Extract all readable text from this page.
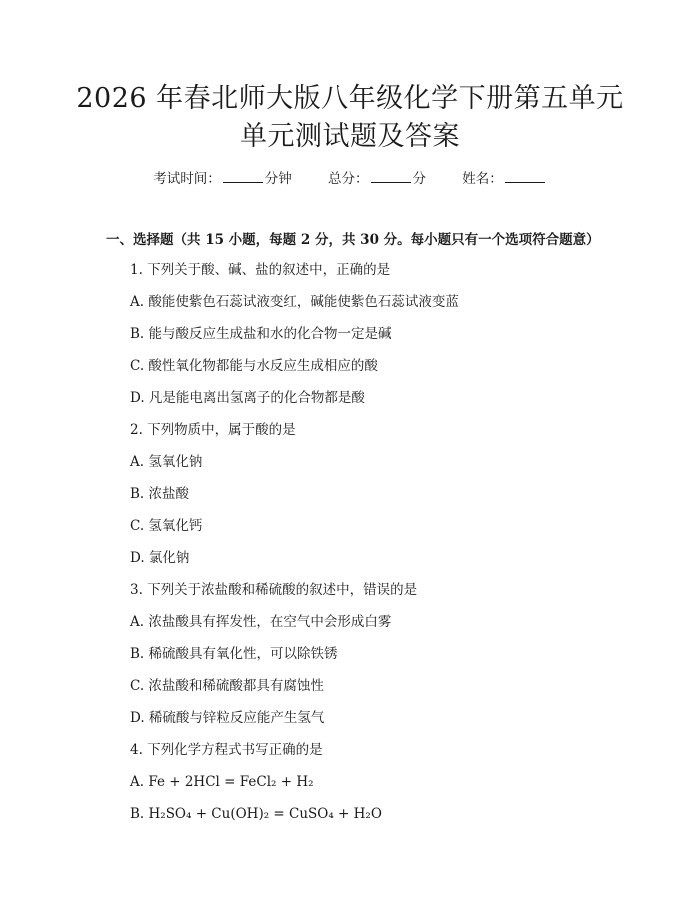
2026 年春北师大版八年级化学下册第五单元
单元测试题及答案
考试时间：	分钟	总分：	分	姓名：
一、选择题（共 15 小题，每题 2 分，共 30 分。每小题只有一个选项符合题意）
1. 下列关于酸、碱、盐的叙述中，正确的是
A. 酸能使紫色石蕊试液变红，碱能使紫色石蕊试液变蓝
B. 能与酸反应生成盐和水的化合物一定是碱
C. 酸性氧化物都能与水反应生成相应的酸
D. 凡是能电离出氢离子的化合物都是酸
2. 下列物质中，属于酸的是
A. 氢氧化钠
B. 浓盐酸
C. 氢氧化钙
D. 氯化钠
3. 下列关于浓盐酸和稀硫酸的叙述中，错误的是
A. 浓盐酸具有挥发性，在空气中会形成白雾
B. 稀硫酸具有氧化性，可以除铁锈
C. 浓盐酸和稀硫酸都具有腐蚀性
D. 稀硫酸与锌粒反应能产生氢气
4. 下列化学方程式书写正确的是
A. Fe + 2HCl = FeCl₂ + H₂
B. H₂SO₄ + Cu(OH)₂ = CuSO₄ + H₂O
